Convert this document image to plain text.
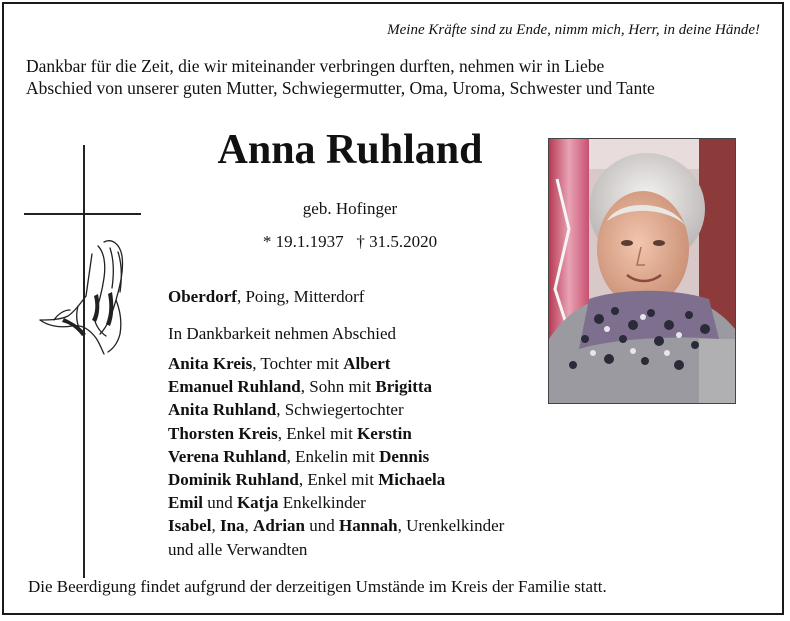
Meine Kräfte sind zu Ende, nimm mich, Herr, in deine Hände!
Dankbar für die Zeit, die wir miteinander verbringen durften, nehmen wir in Liebe
Abschied von unserer guten Mutter, Schwiegermutter, Oma, Uroma, Schwester und Tante
Anna Ruhland
geb. Hofinger
* 19.1.1937   † 31.5.2020
Oberdorf, Poing, Mitterdorf
In Dankbarkeit nehmen Abschied
Anita Kreis, Tochter mit Albert
Emanuel Ruhland, Sohn mit Brigitta
Anita Ruhland, Schwiegertochter
Thorsten Kreis, Enkel mit Kerstin
Verena Ruhland, Enkelin mit Dennis
Dominik Ruhland, Enkel mit Michaela
Emil und Katja Enkelkinder
Isabel, Ina, Adrian und Hannah, Urenkelkinder
und alle Verwandten
Die Beerdigung findet aufgrund der derzeitigen Umstände im Kreis der Familie statt.
